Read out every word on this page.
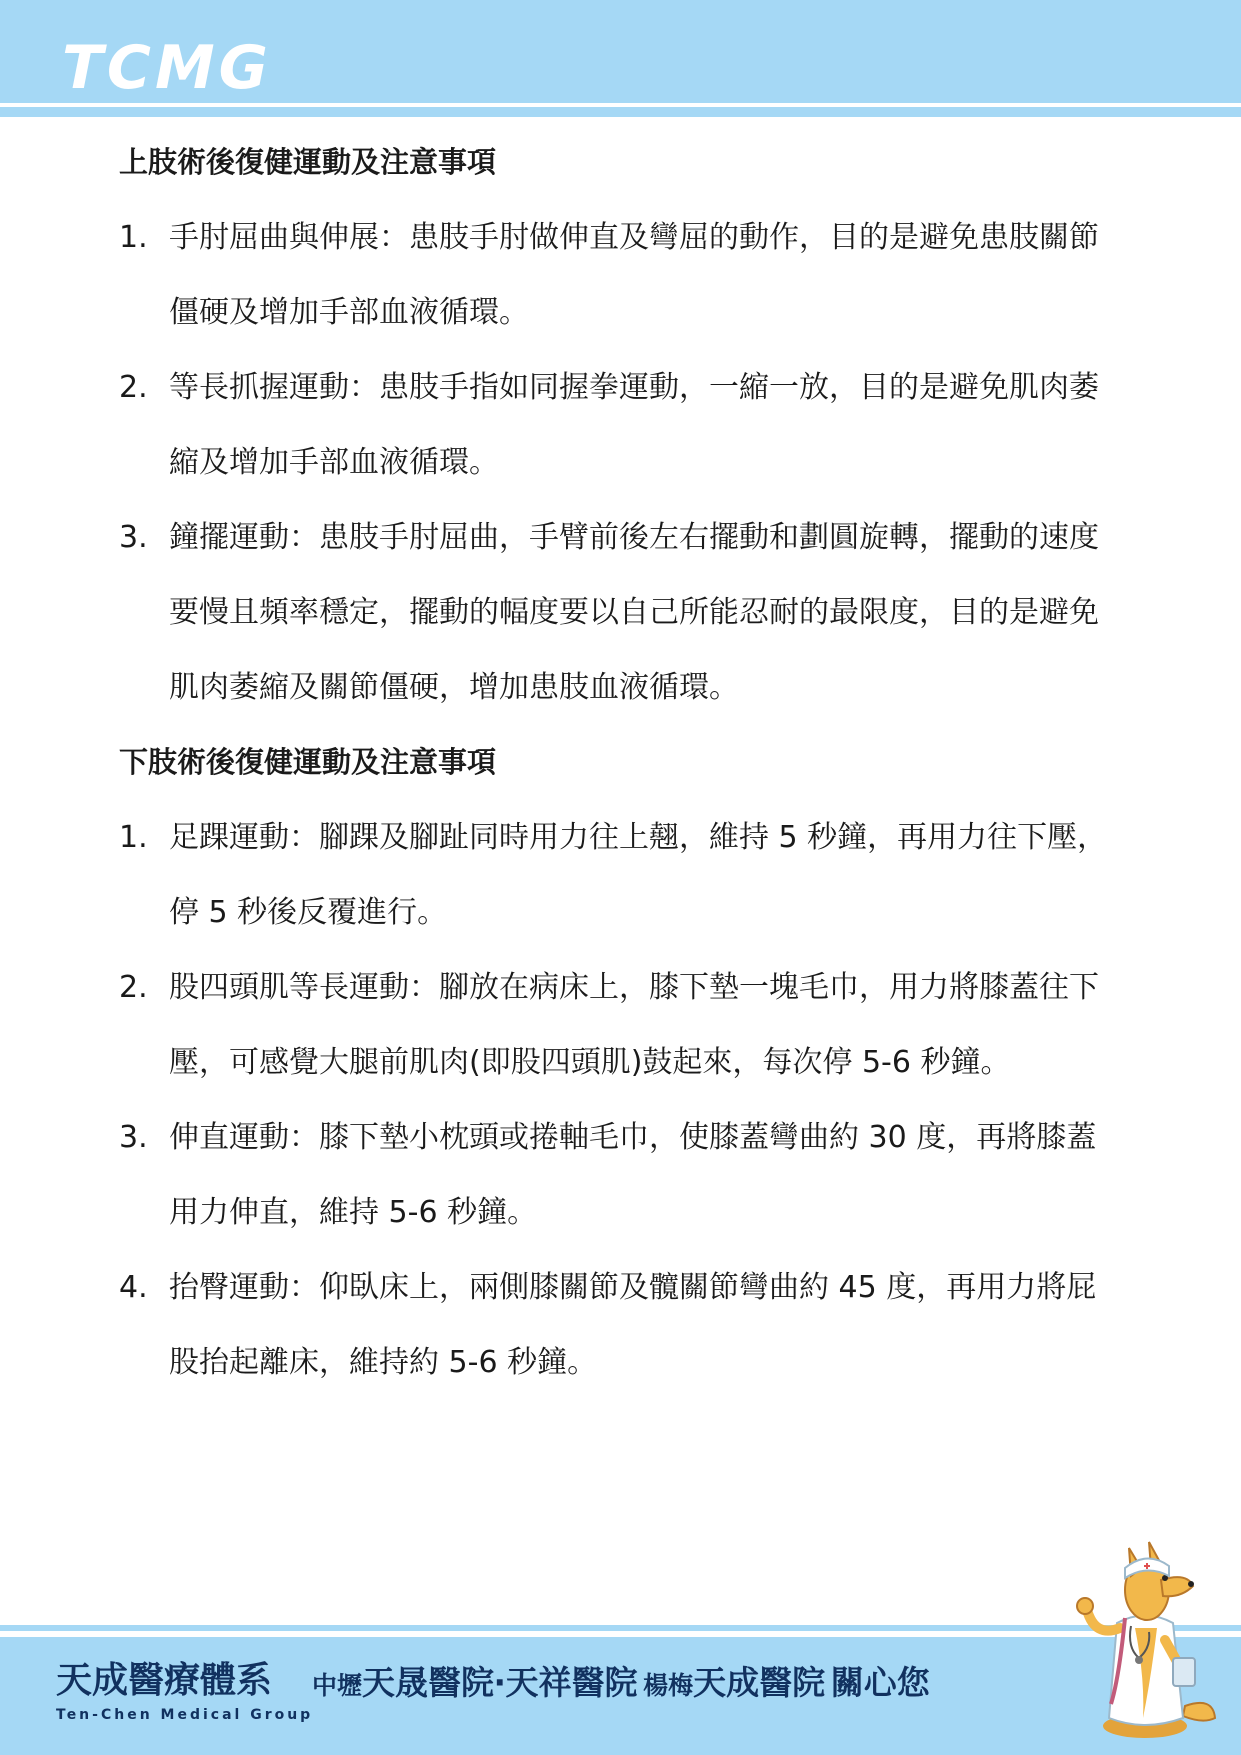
TCMG
上肢術後復健運動及注意事項
1. 手肘屈曲與伸展：患肢手肘做伸直及彎屈的動作，目的是避免患肢關節僵硬及增加手部血液循環。
2. 等長抓握運動：患肢手指如同握拳運動，一縮一放，目的是避免肌肉萎縮及增加手部血液循環。
3. 鐘擺運動：患肢手肘屈曲，手臂前後左右擺動和劃圓旋轉，擺動的速度要慢且頻率穩定，擺動的幅度要以自己所能忍耐的最限度，目的是避免肌肉萎縮及關節僵硬，增加患肢血液循環。
下肢術後復健運動及注意事項
1. 足踝運動：腳踝及腳趾同時用力往上翹，維持 5 秒鐘，再用力往下壓，停 5 秒後反覆進行。
2. 股四頭肌等長運動：腳放在病床上，膝下墊一塊毛巾，用力將膝蓋往下壓，可感覺大腿前肌肉(即股四頭肌)鼓起來，每次停 5-6 秒鐘。
3. 伸直運動：膝下墊小枕頭或捲軸毛巾，使膝蓋彎曲約 30 度，再將膝蓋用力伸直，維持 5-6 秒鐘。
4. 抬臀運動：仰臥床上，兩側膝關節及髖關節彎曲約 45 度，再用力將屁股抬起離床，維持約 5-6 秒鐘。
天成醫療體系
Ten-Chen Medical Group
中壢天晟醫院‧天祥醫院 楊梅天成醫院 關心您
